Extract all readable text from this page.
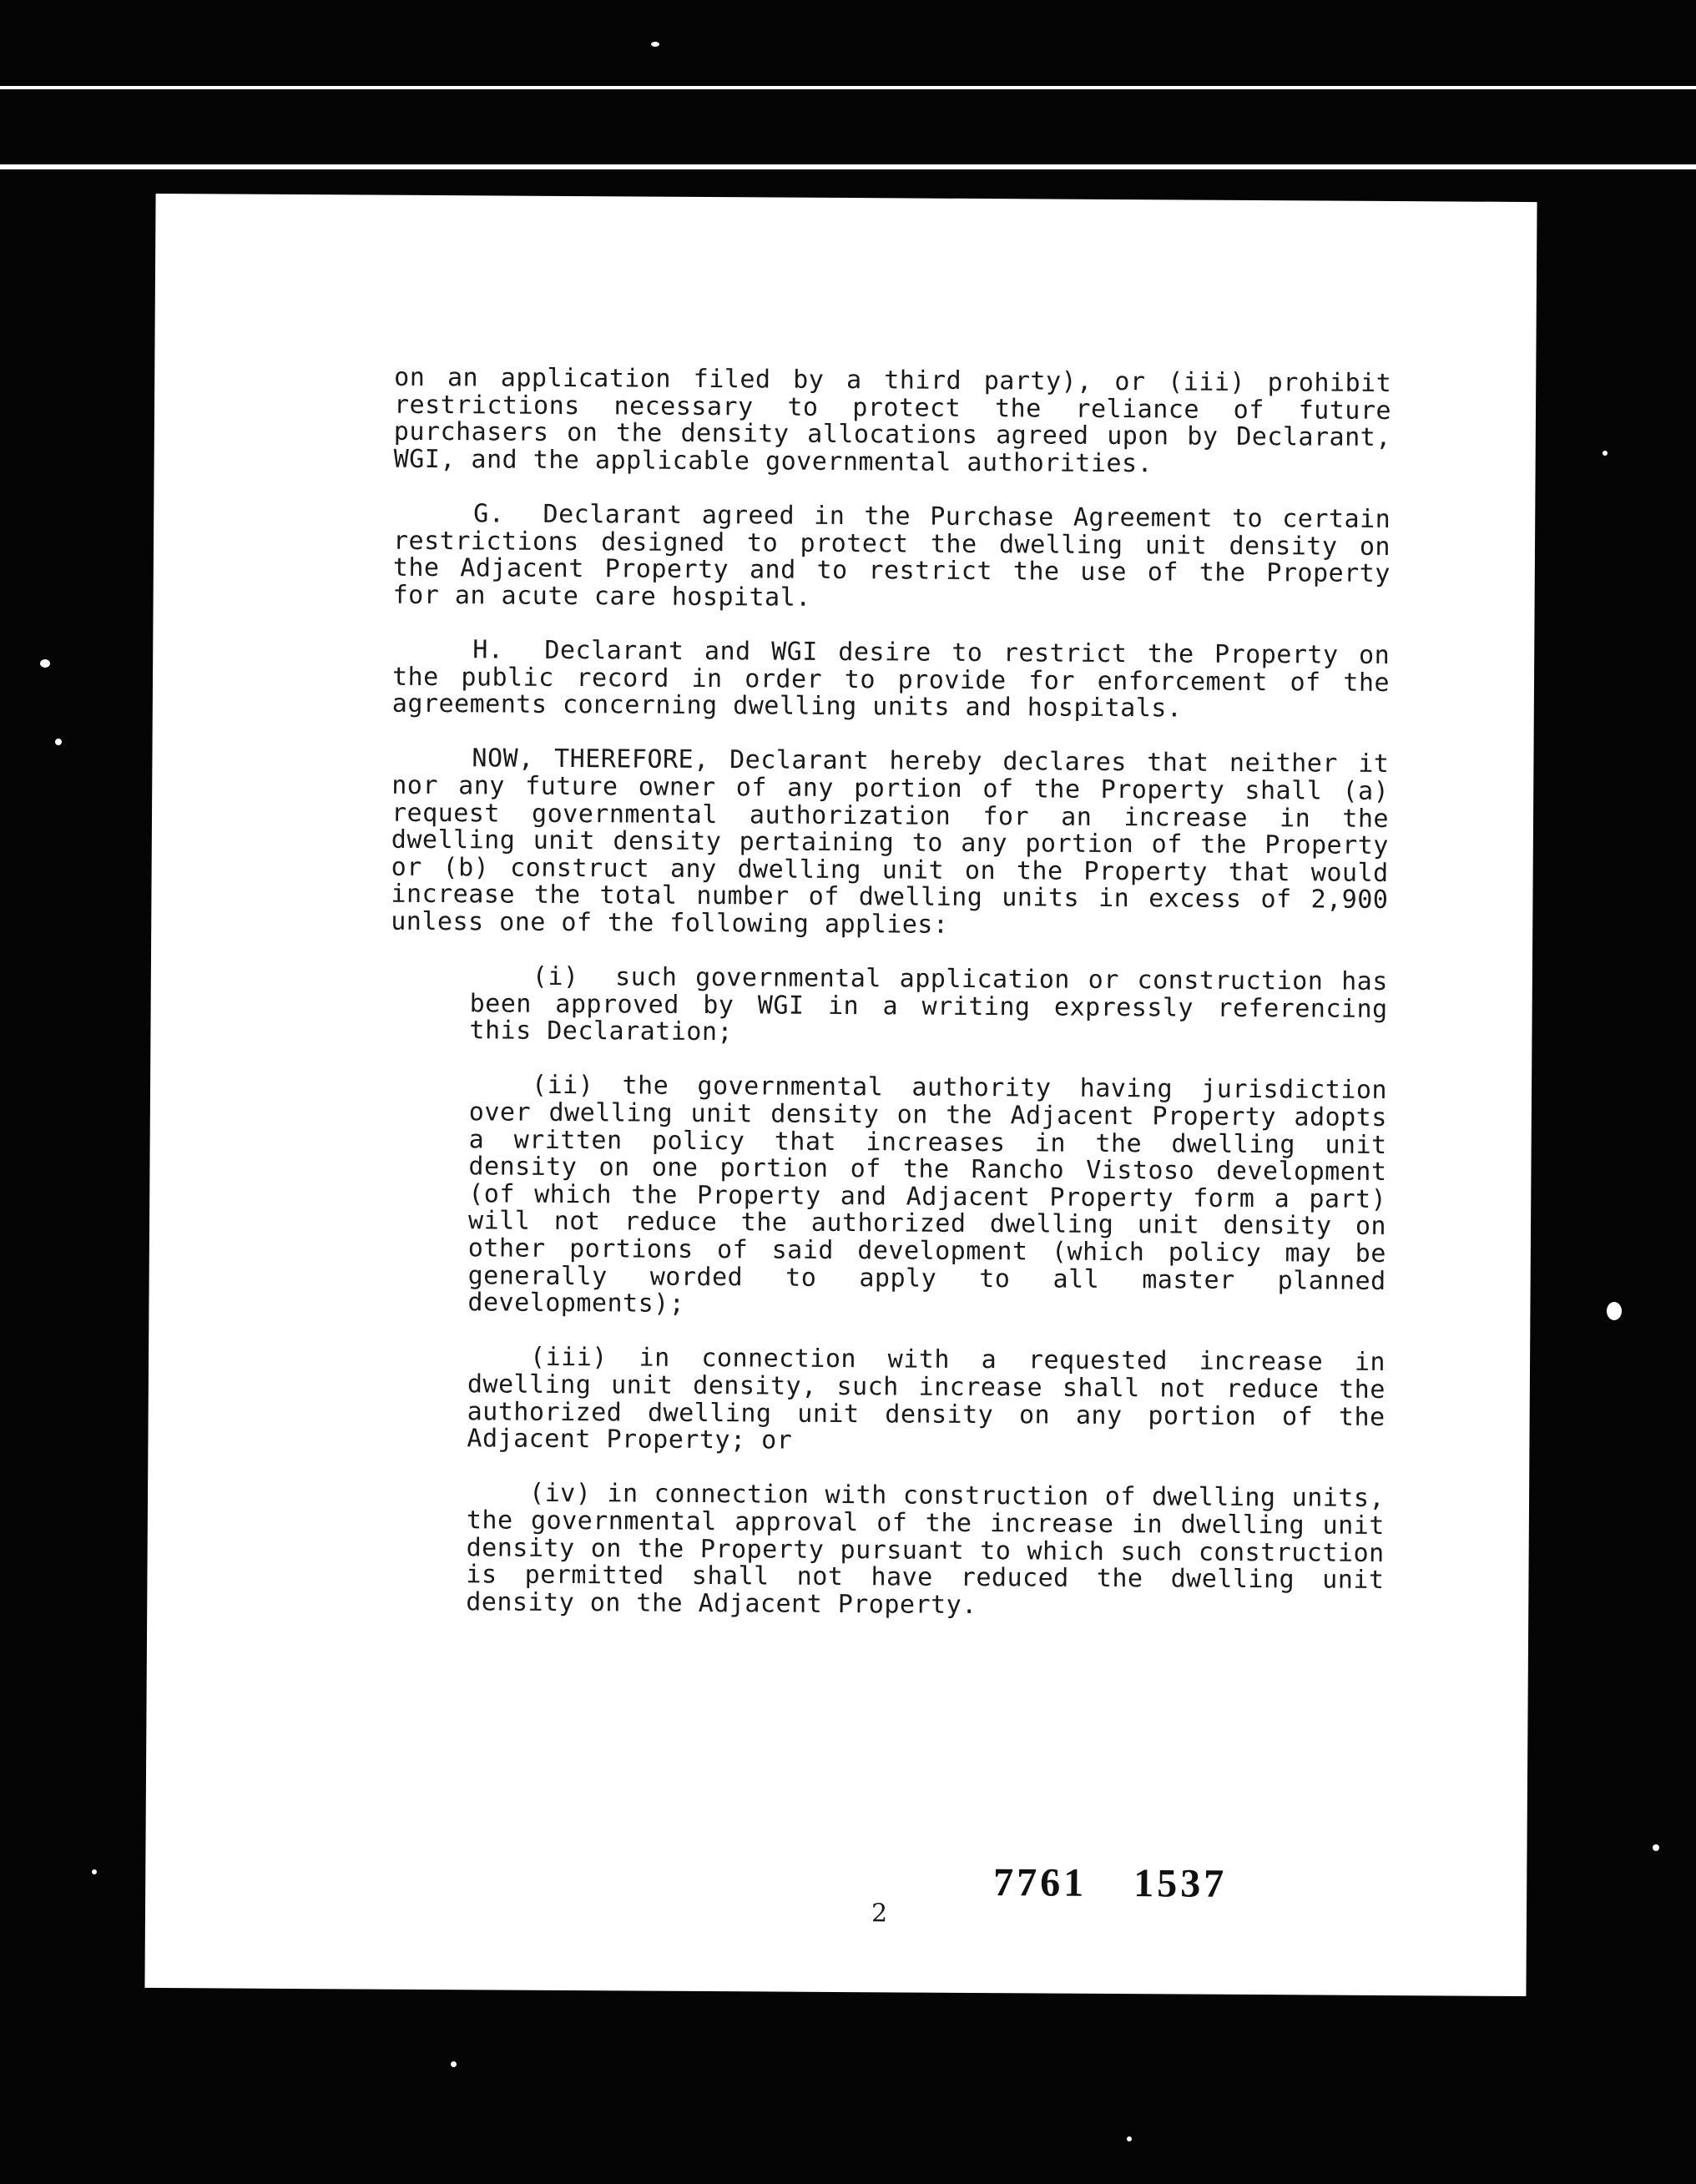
on an application filed by a third party), or (iii) prohibit restrictions necessary to protect the reliance of future purchasers on the density allocations agreed upon by Declarant, WGI, and the applicable governmental authorities.

G.  Declarant agreed in the Purchase Agreement to certain restrictions designed to protect the dwelling unit density on the Adjacent Property and to restrict the use of the Property for an acute care hospital.

H.  Declarant and WGI desire to restrict the Property on the public record in order to provide for enforcement of the agreements concerning dwelling units and hospitals.

NOW, THEREFORE, Declarant hereby declares that neither it nor any future owner of any portion of the Property shall (a) request governmental authorization for an increase in the dwelling unit density pertaining to any portion of the Property or (b) construct any dwelling unit on the Property that would increase the total number of dwelling units in excess of 2,900 unless one of the following applies:

(i)  such governmental application or construction has been approved by WGI in a writing expressly referencing this Declaration;

(ii) the governmental authority having jurisdiction over dwelling unit density on the Adjacent Property adopts a written policy that increases in the dwelling unit density on one portion of the Rancho Vistoso development (of which the Property and Adjacent Property form a part) will not reduce the authorized dwelling unit density on other portions of said development (which policy may be generally worded to apply to all master planned developments);

(iii) in connection with a requested increase in dwelling unit density, such increase shall not reduce the authorized dwelling unit density on any portion of the Adjacent Property; or

(iv) in connection with construction of dwelling units, the governmental approval of the increase in dwelling unit density on the Property pursuant to which such construction is permitted shall not have reduced the dwelling unit density on the Adjacent Property.

7761 1537
2
